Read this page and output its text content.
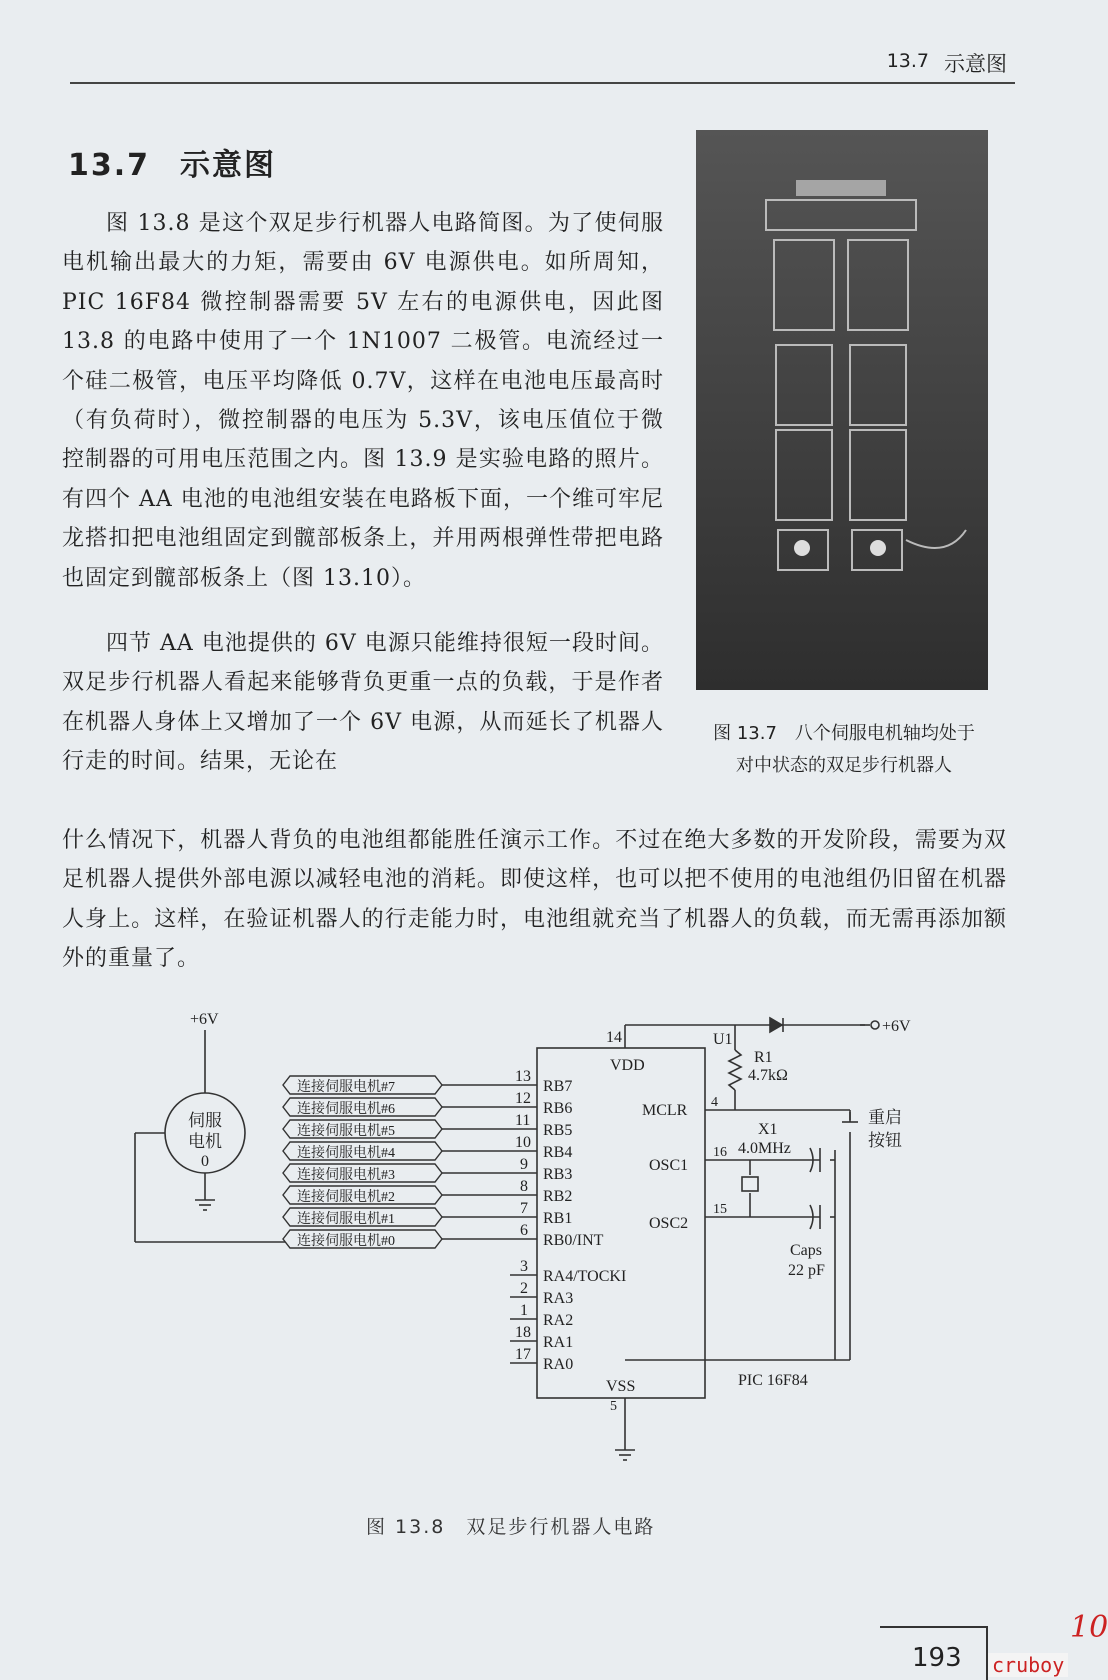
13.7 示意图
13.7 示意图
图 13.8 是这个双足步行机器人电路简图。为了使伺服电机输出最大的力矩，需要由 6V 电源供电。如所周知，PIC 16F84 微控制器需要 5V 左右的电源供电，因此图 13.8 的电路中使用了一个 1N1007 二极管。电流经过一个硅二极管，电压平均降低 0.7V，这样在电池电压最高时（有负荷时），微控制器的电压为 5.3V，该电压值位于微控制器的可用电压范围之内。图 13.9 是实验电路的照片。有四个 AA 电池的电池组安装在电路板下面，一个维可牢尼龙搭扣把电池组固定到髋部板条上，并用两根弹性带把电路也固定到髋部板条上（图 13.10）。
四节 AA 电池提供的 6V 电源只能维持很短一段时间。双足步行机器人看起来能够背负更重一点的负载，于是作者在机器人身体上又增加了一个 6V 电源，从而延长了机器人行走的时间。结果，无论在
什么情况下，机器人背负的电池组都能胜任演示工作。不过在绝大多数的开发阶段，需要为双足机器人提供外部电源以减轻电池的消耗。即使这样，也可以把不使用的电池组仍旧留在机器人身上。这样，在验证机器人的行走能力时，电池组就充当了机器人的负载，而无需再添加额外的重量了。
图 13.7　八个伺服电机轴均处于
对中状态的双足步行机器人
+6V
伺服
电机
0
连接伺服电机#7
连接伺服电机#6
连接伺服电机#5
连接伺服电机#4
连接伺服电机#3
连接伺服电机#2
连接伺服电机#1
连接伺服电机#0
13
12
11
10
9
8
7
6
RB7
RB6
RB5
RB4
RB3
RB2
RB1
RB0/INT
3
2
1
18
17
RA4/TOCKI
RA3
RA2
RA1
RA0
14
VDD
U1
MCLR 4
OSC1
16
OSC2
15
VSS
5
PIC 16F84
R1
4.7kΩ
X1
4.0MHz
Caps
22 pF
重启
按钮
+6V
图 13.8　双足步行机器人电路
193
10
cruboy
